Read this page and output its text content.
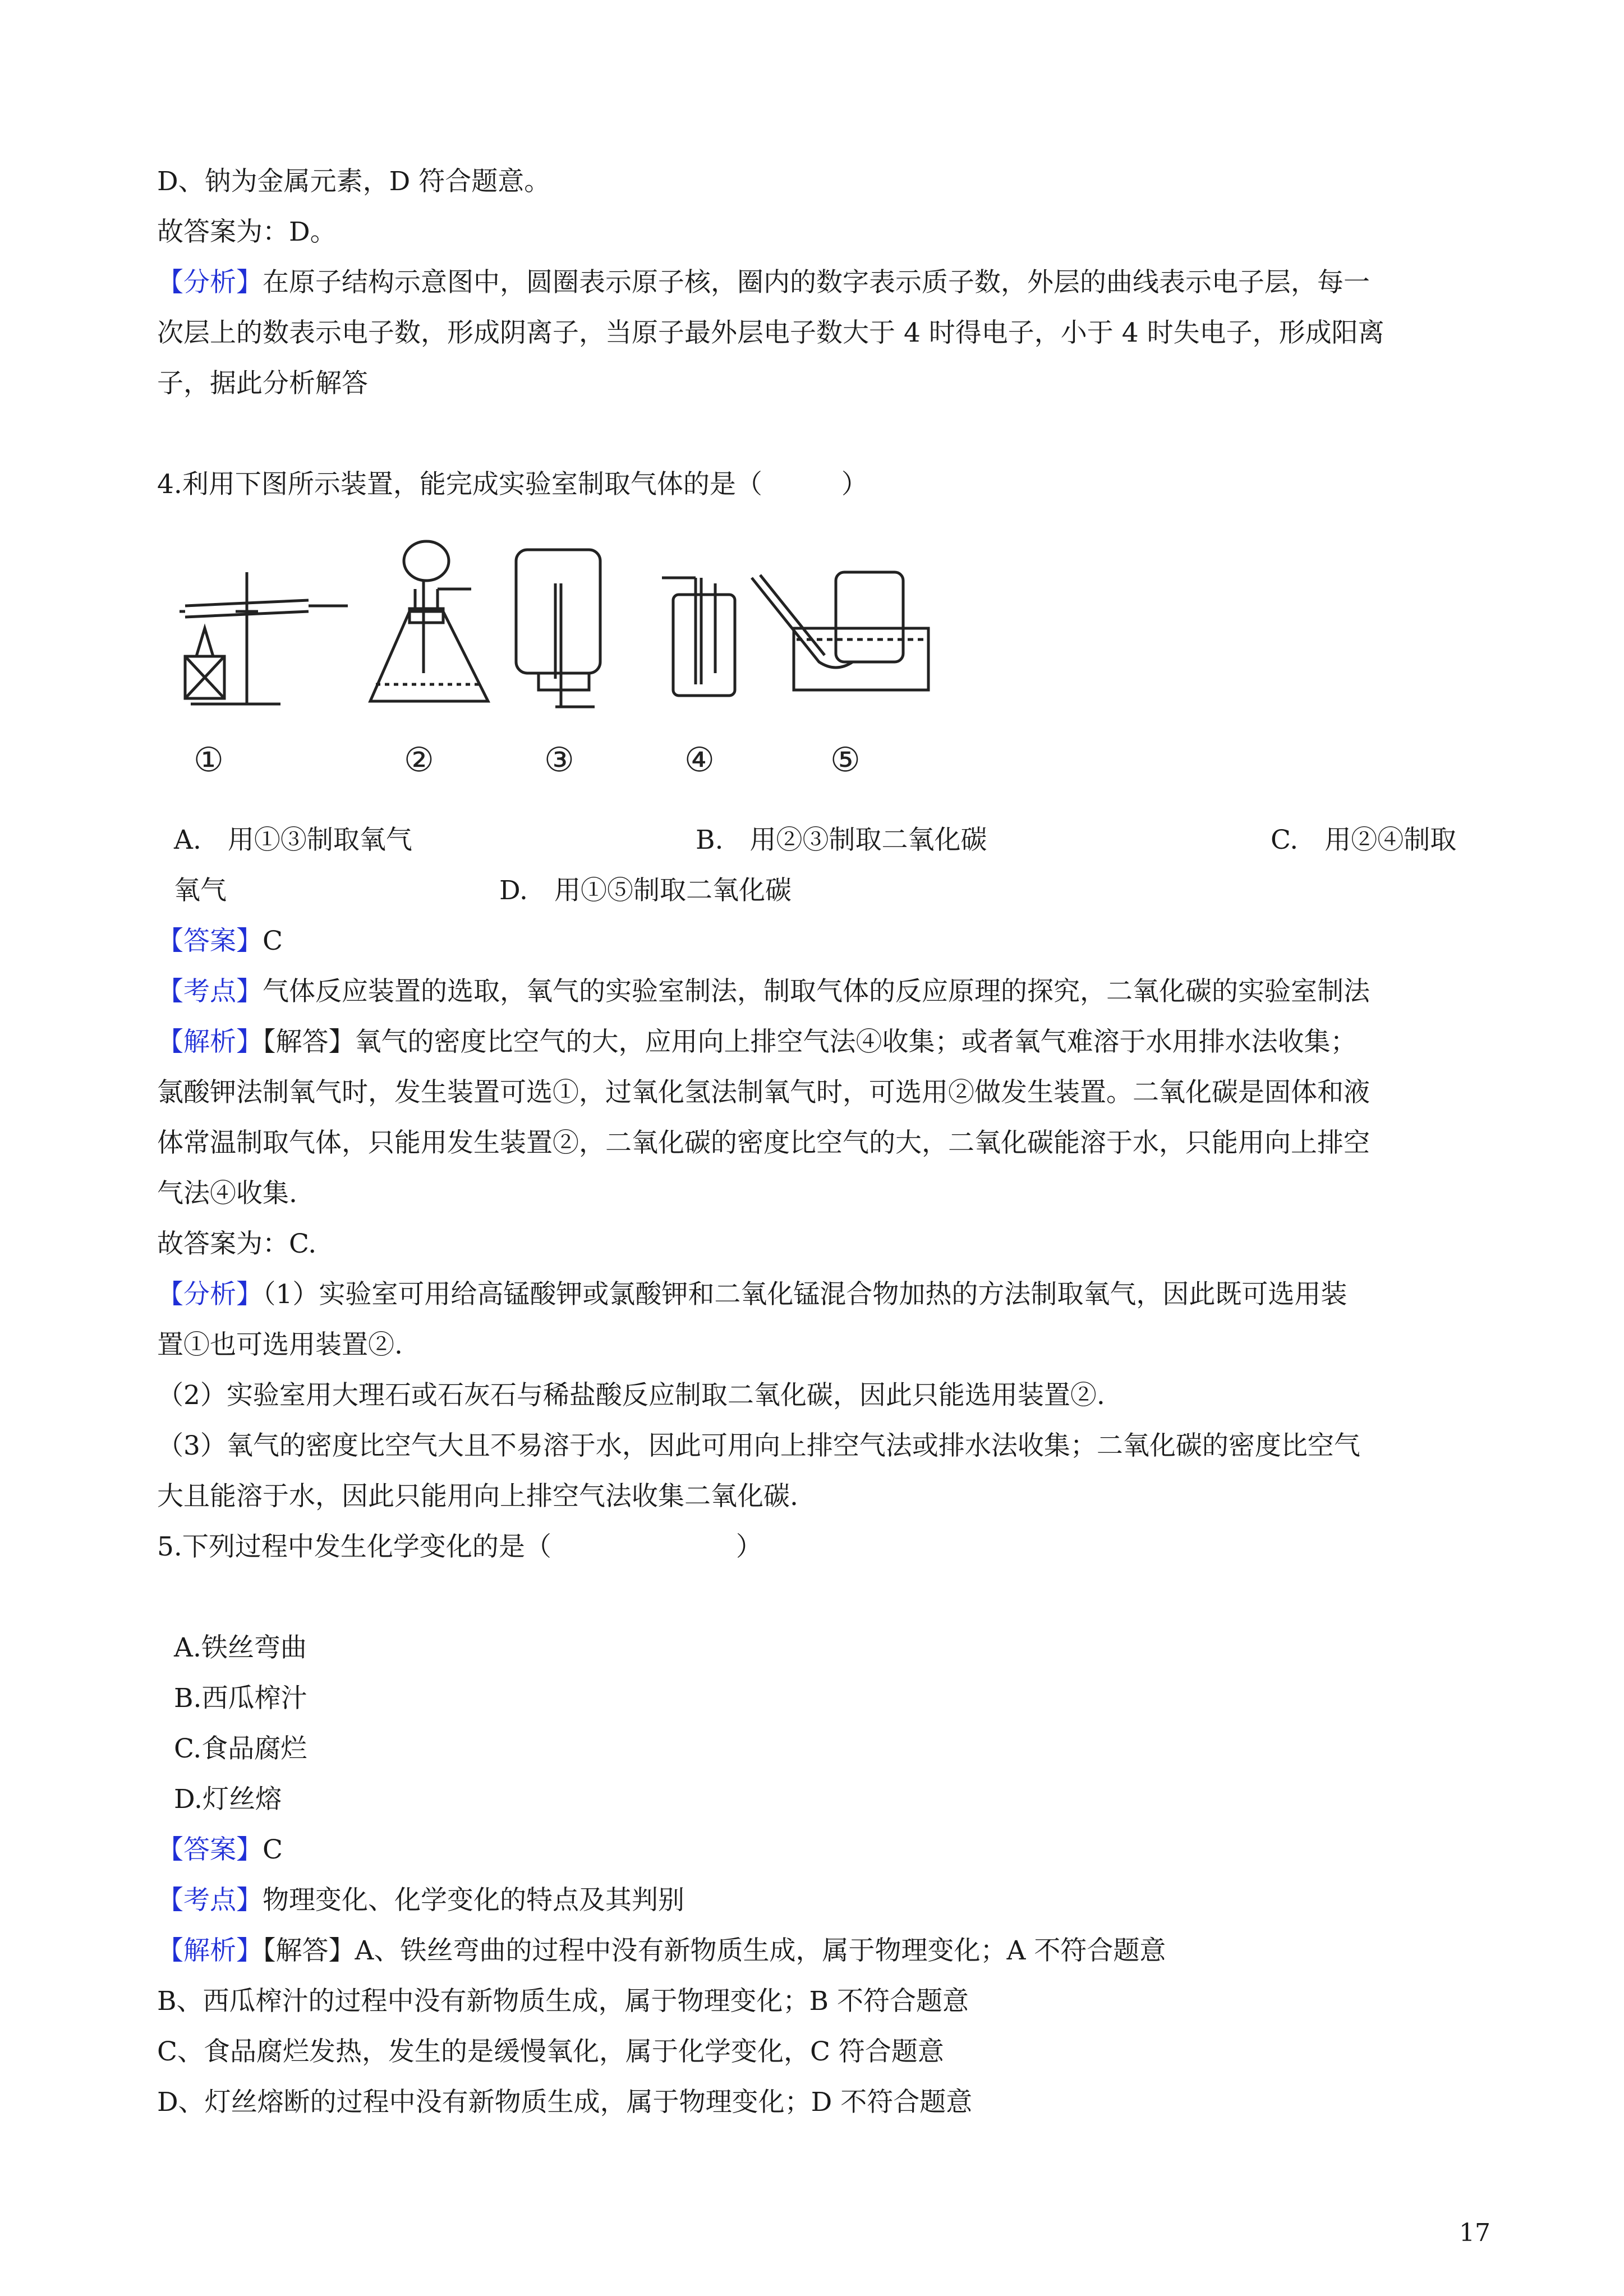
D、钠为金属元素，D 符合题意。
故答案为：D。
【分析】在原子结构示意图中，圆圈表示原子核，圈内的数字表示质子数，外层的曲线表示电子层，每一
次层上的数表示电子数，形成阴离子，当原子最外层电子数大于 4 时得电子，小于 4 时失电子，形成阳离
子，据此分析解答
4.利用下图所示装置，能完成实验室制取气体的是（　　　）
①	②	③	④	⑤
A.　用①③制取氧气	B.　用②③制取二氧化碳	C.　用②④制取
氧气	D.　用①⑤制取二氧化碳
【答案】C
【考点】气体反应装置的选取，氧气的实验室制法，制取气体的反应原理的探究，二氧化碳的实验室制法
【解析】【解答】氧气的密度比空气的大，应用向上排空气法④收集；或者氧气难溶于水用排水法收集；
氯酸钾法制氧气时，发生装置可选①，过氧化氢法制氧气时，可选用②做发生装置。二氧化碳是固体和液
体常温制取气体，只能用发生装置②，二氧化碳的密度比空气的大，二氧化碳能溶于水，只能用向上排空
气法④收集.
故答案为：C.
【分析】（1）实验室可用给高锰酸钾或氯酸钾和二氧化锰混合物加热的方法制取氧气，因此既可选用装
置①也可选用装置②.
（2）实验室用大理石或石灰石与稀盐酸反应制取二氧化碳，因此只能选用装置②.
（3）氧气的密度比空气大且不易溶于水，因此可用向上排空气法或排水法收集；二氧化碳的密度比空气
大且能溶于水，因此只能用向上排空气法收集二氧化碳.
5.下列过程中发生化学变化的是（　　　　　　　）
A.铁丝弯曲
B.西瓜榨汁
C.食品腐烂
D.灯丝熔
【答案】C
【考点】物理变化、化学变化的特点及其判别
【解析】【解答】A、铁丝弯曲的过程中没有新物质生成，属于物理变化；A 不符合题意
B、西瓜榨汁的过程中没有新物质生成，属于物理变化；B 不符合题意
C、食品腐烂发热，发生的是缓慢氧化，属于化学变化，C 符合题意
D、灯丝熔断的过程中没有新物质生成，属于物理变化；D 不符合题意
17
